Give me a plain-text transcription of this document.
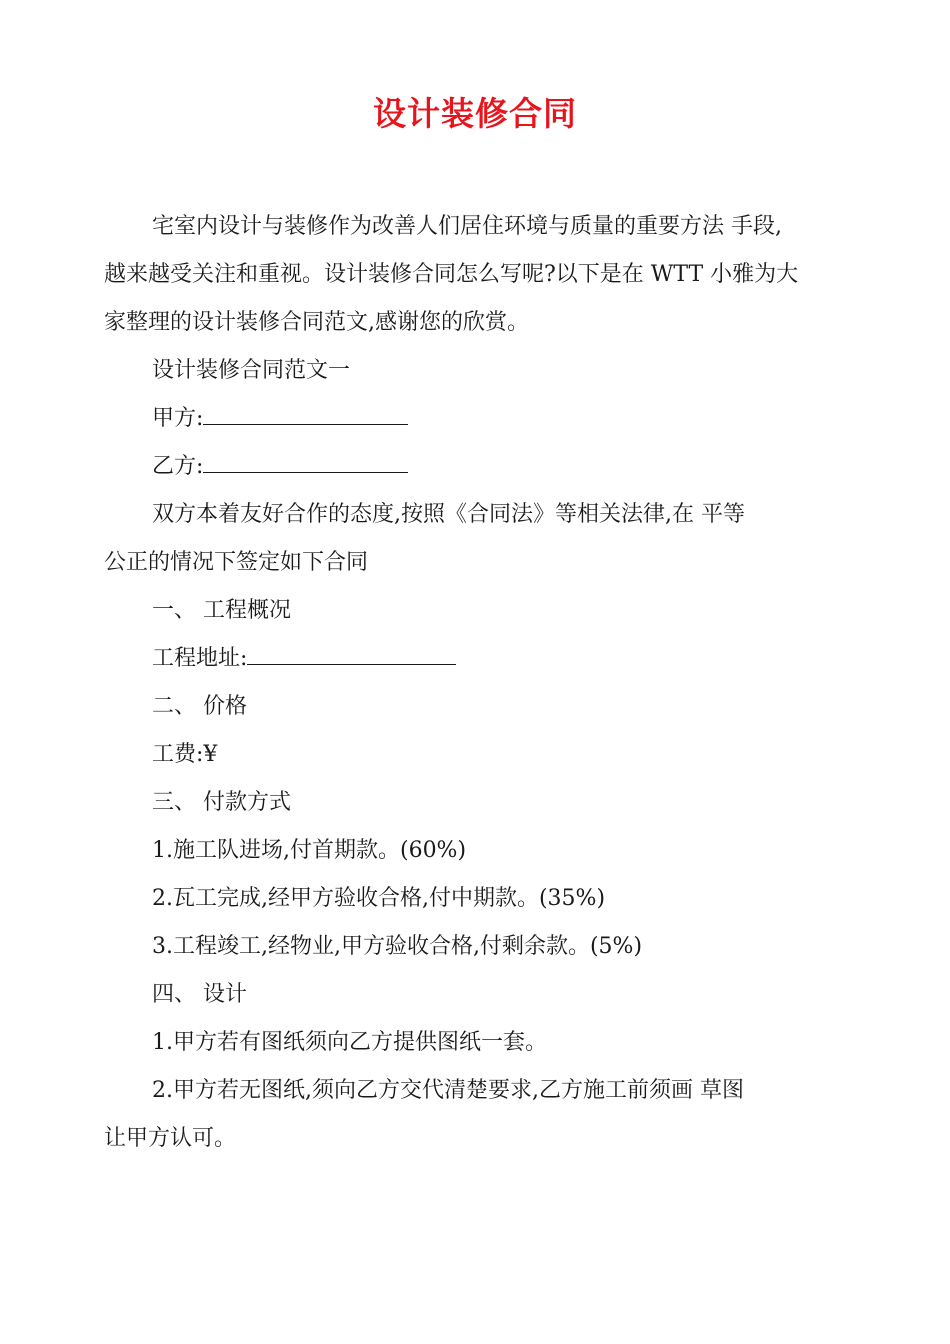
设计装修合同
宅室内设计与装修作为改善人们居住环境与质量的重要方法 手段,
越来越受关注和重视。设计装修合同怎么写呢?以下是在 WTT 小雅为大
家整理的设计装修合同范文,感谢您的欣赏。
设计装修合同范文一
甲方:
乙方:
双方本着友好合作的态度,按照《合同法》等相关法律,在 平等
公正的情况下签定如下合同
一、 工程概况
工程地址:
二、 价格
工费:¥
三、 付款方式
1.施工队进场,付首期款。(60%)
2.瓦工完成,经甲方验收合格,付中期款。(35%)
3.工程竣工,经物业,甲方验收合格,付剩余款。(5%)
四、 设计
1.甲方若有图纸须向乙方提供图纸一套。
2.甲方若无图纸,须向乙方交代清楚要求,乙方施工前须画 草图
让甲方认可。
